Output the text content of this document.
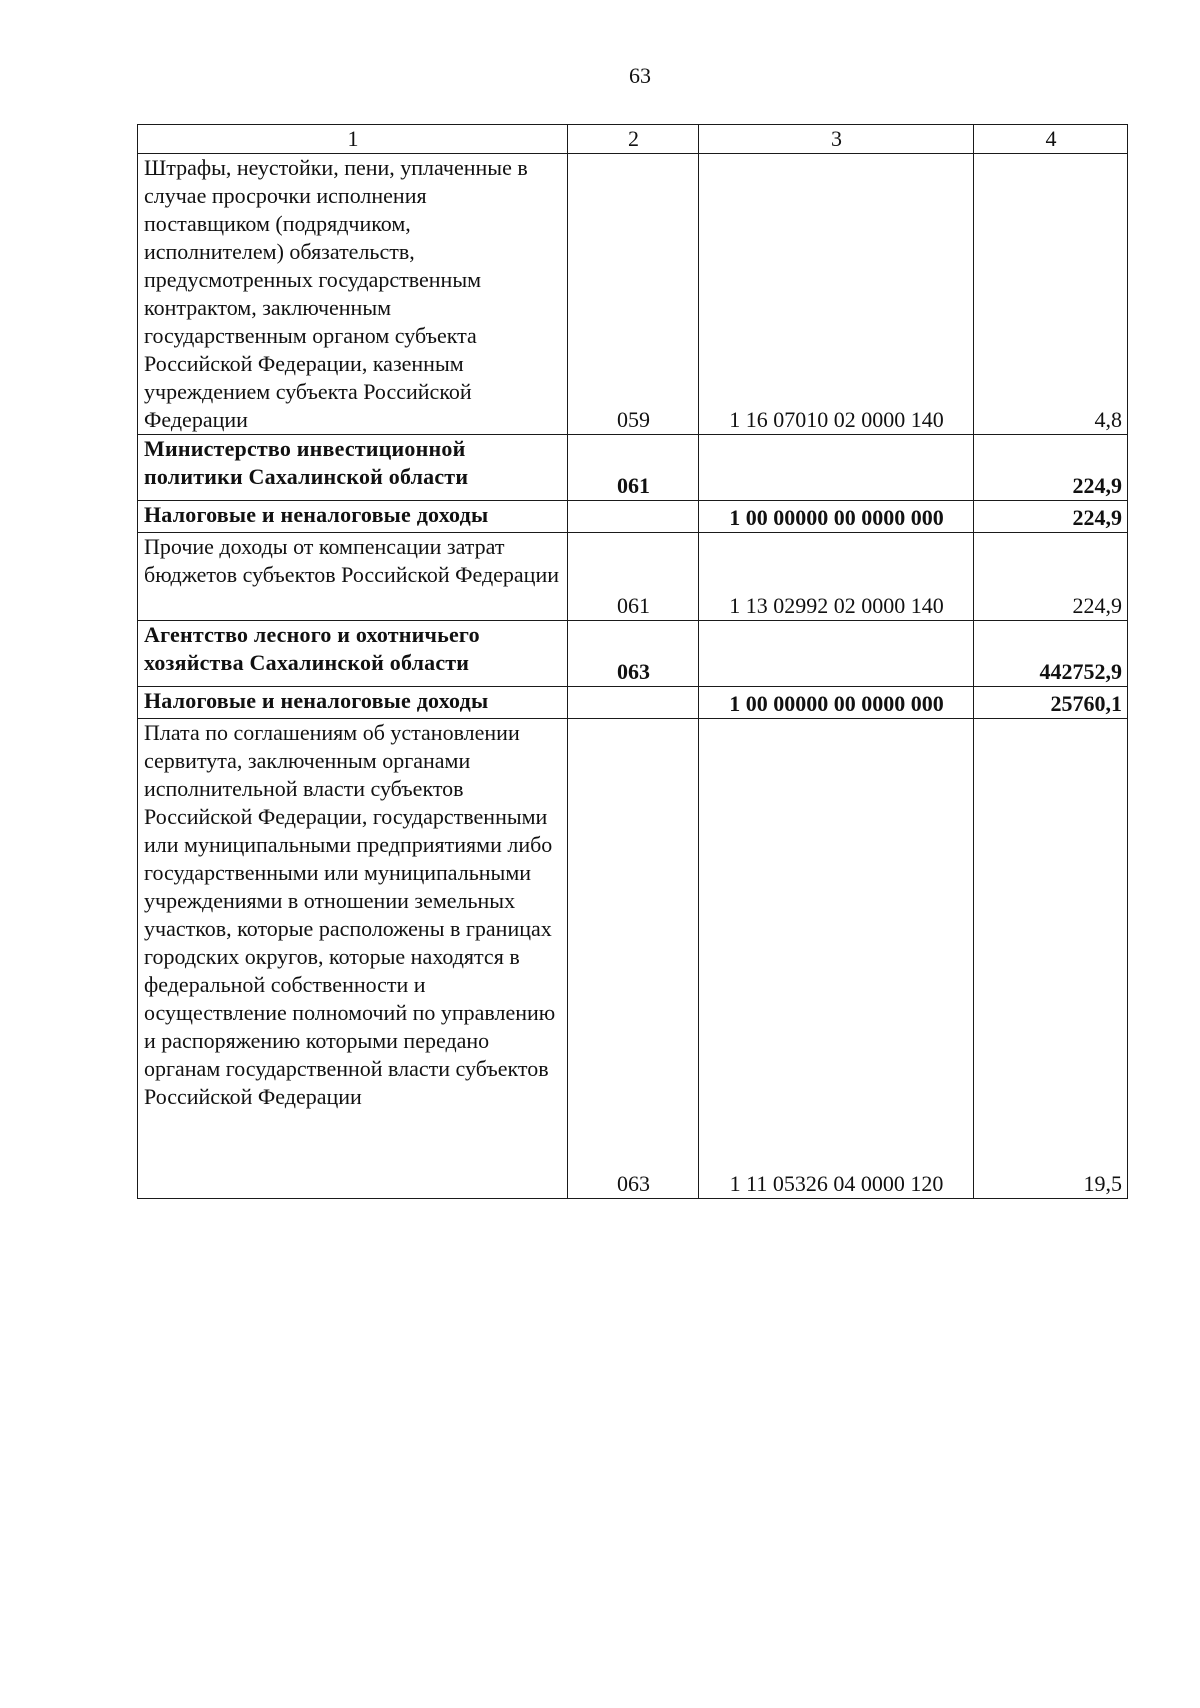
63
1	2	3	4

Штрафы, неустойки, пени, уплаченные в случае просрочки исполнения поставщиком (подрядчиком, исполнителем) обязательств, предусмотренных государственным контрактом, заключенным государственным органом субъекта Российской Федерации, казенным учреждением субъекта Российской Федерации	059	1 16 07010 02 0000 140	4,8
Министерство инвестиционной политики Сахалинской области	061		224,9
Налоговые и неналоговые доходы		1 00 00000 00 0000 000	224,9
Прочие доходы от компенсации затрат бюджетов субъектов Российской Федерации	061	1 13 02992 02 0000 140	224,9
Агентство лесного и охотничьего хозяйства Сахалинской области	063		442752,9
Налоговые и неналоговые доходы		1 00 00000 00 0000 000	25760,1
Плата по соглашениям об установлении сервитута, заключенным органами исполнительной власти субъектов Российской Федерации, государственными или муниципальными предприятиями либо государственными или муниципальными учреждениями в отношении земельных участков, которые расположены в границах городских округов, которые находятся в федеральной собственности и осуществление полномочий по управлению и распоряжению которыми передано органам государственной власти субъектов Российской Федерации	063	1 11 05326 04 0000 120	19,5
